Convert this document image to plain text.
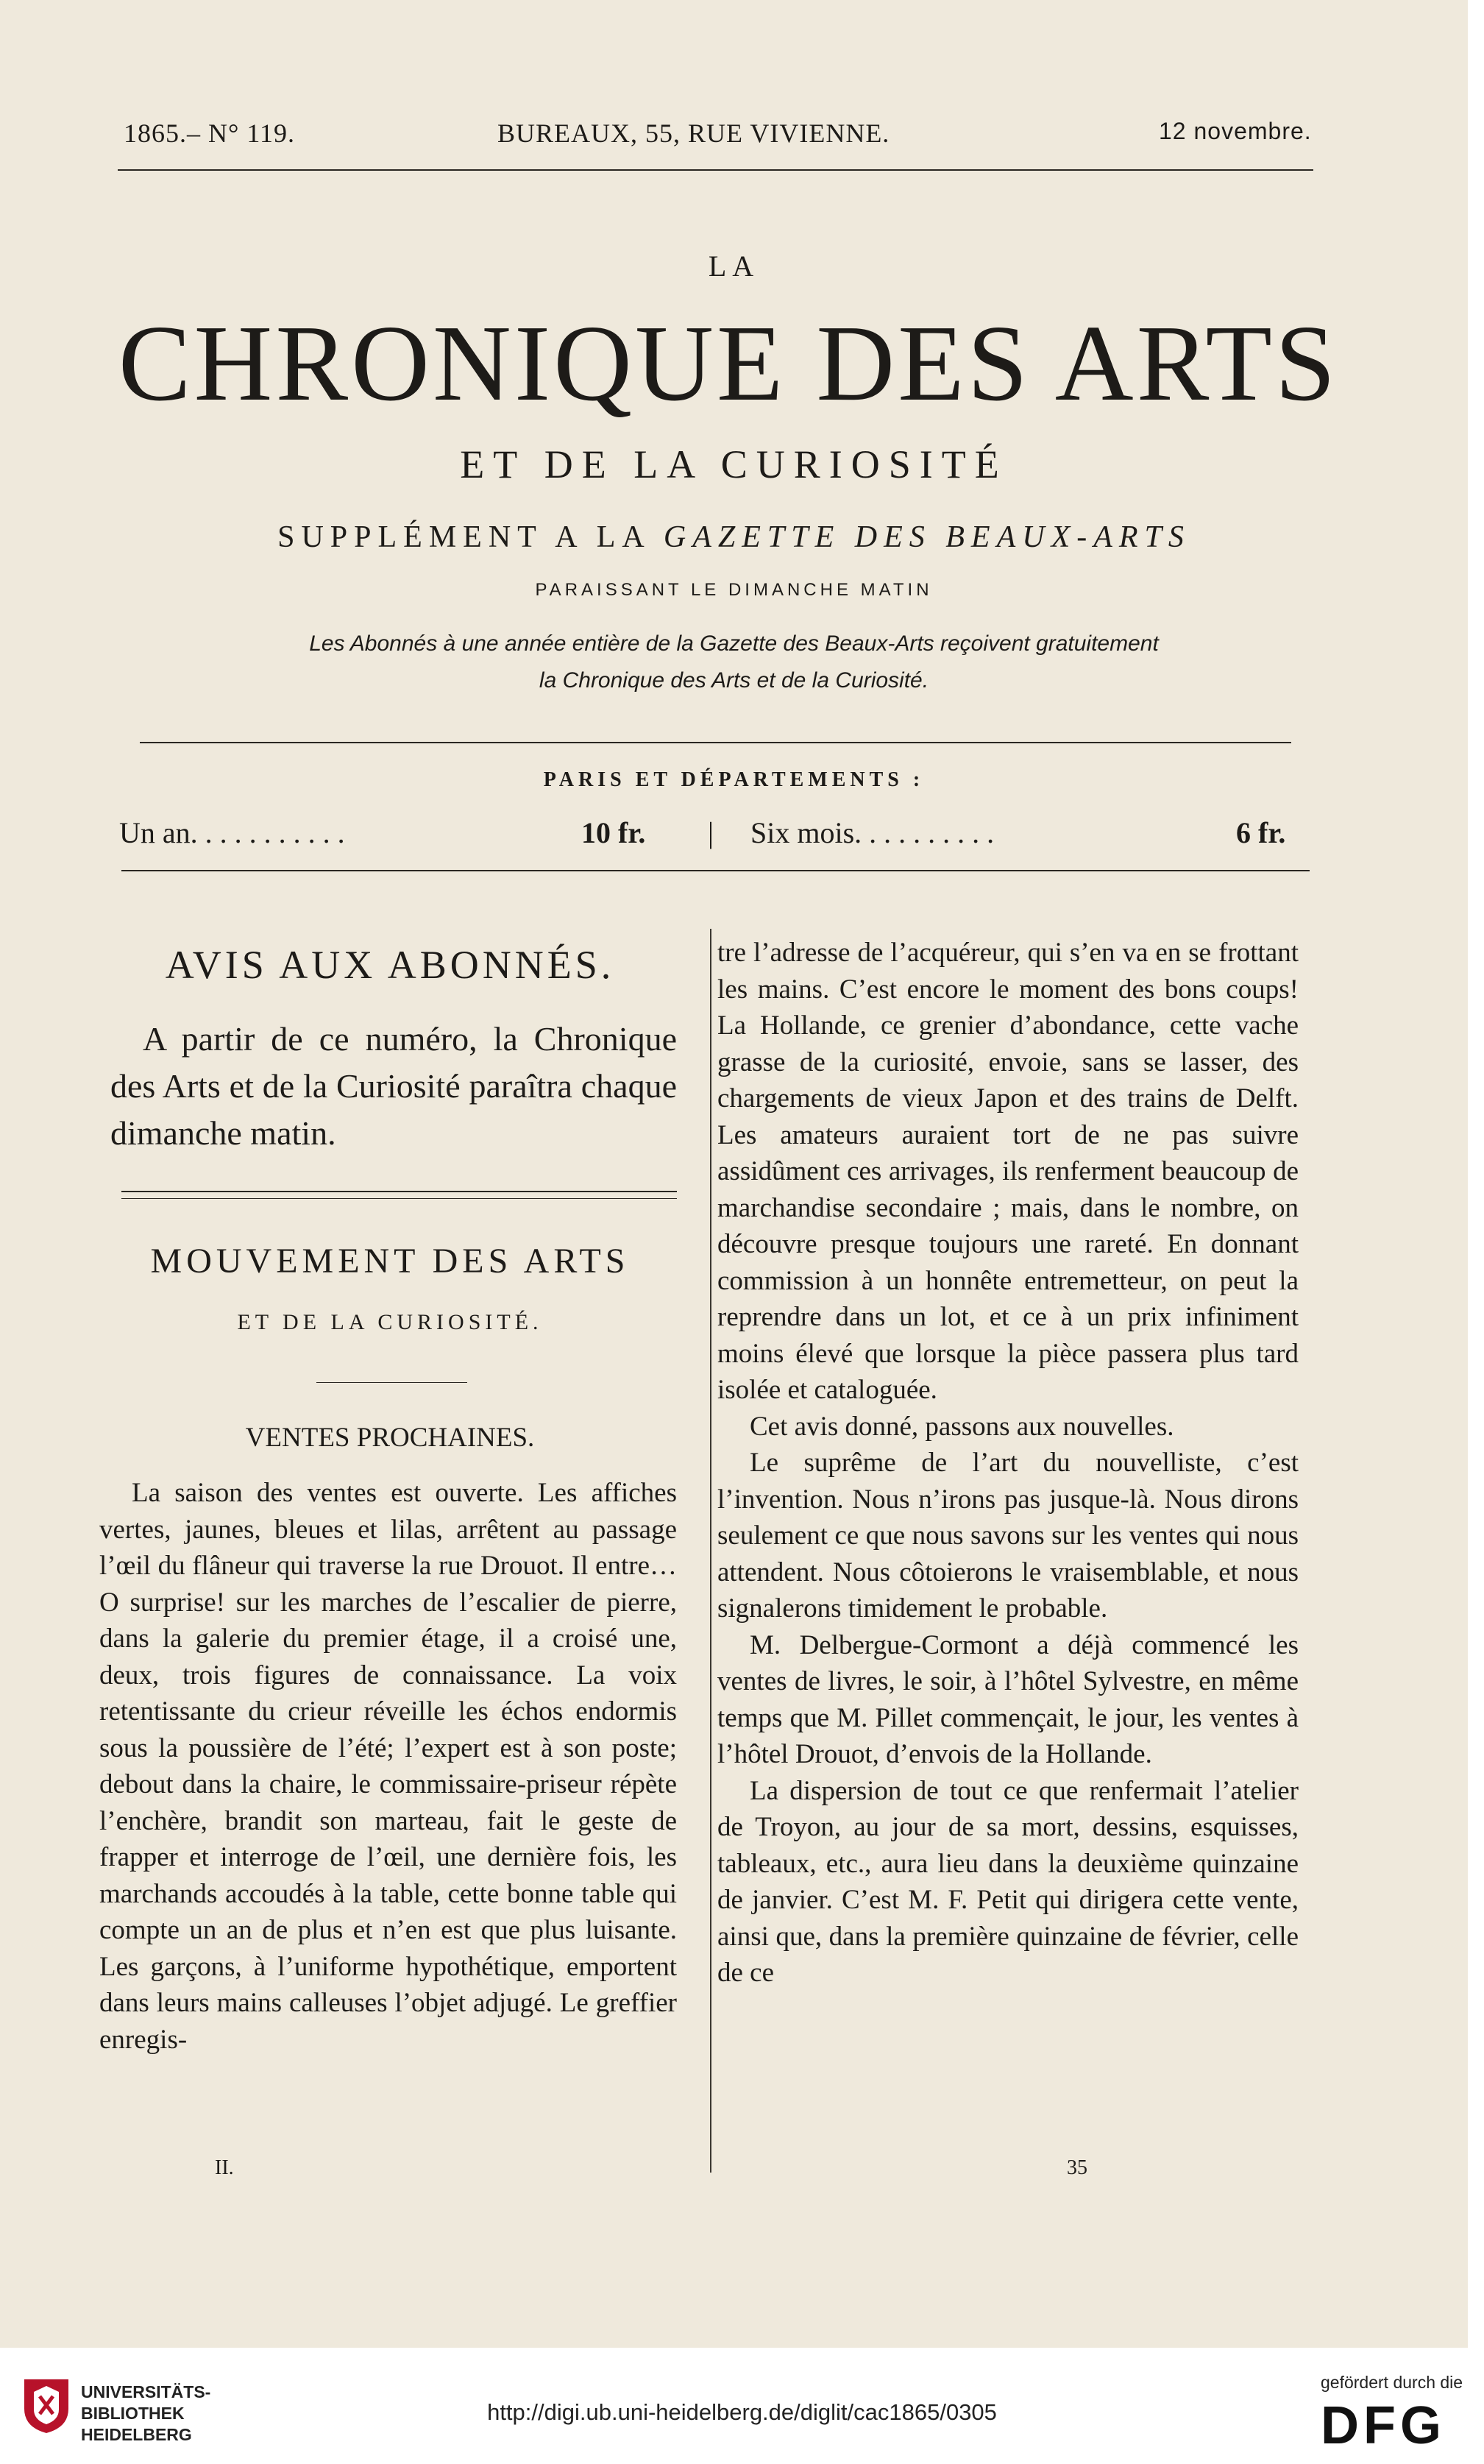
1865.– N° 119.	BUREAUX, 55, RUE VIVIENNE.	12 novembre.
LA
CHRONIQUE DES ARTS
ET DE LA CURIOSITÉ
SUPPLÉMENT A LA GAZETTE DES BEAUX-ARTS
PARAISSANT LE DIMANCHE MATIN
Les Abonnés à une année entière de la Gazette des Beaux-Arts reçoivent gratuitement
la Chronique des Arts et de la Curiosité.
PARIS ET DÉPARTEMENTS :
Un an. . . . . . . . . . .	10 fr. | Six mois. . . . . . . . . .	6 fr.
AVIS AUX ABONNÉS.
A partir de ce numéro, la Chronique des Arts et de la Curiosité paraîtra chaque dimanche matin.
MOUVEMENT DES ARTS
ET DE LA CURIOSITÉ.
VENTES PROCHAINES.

La saison des ventes est ouverte. Les affiches vertes, jaunes, bleues et lilas, arrêtent au passage l’œil du flâneur qui traverse la rue Drouot. Il entre… O surprise! sur les marches de l’escalier de pierre, dans la galerie du premier étage, il a croisé une, deux, trois figures de connaissance. La voix retentissante du crieur réveille les échos endormis sous la poussière de l’été; l’expert est à son poste; debout dans la chaire, le commissaire-priseur répète l’enchère, brandit son marteau, fait le geste de frapper et interroge de l’œil, une dernière fois, les marchands accoudés à la table, cette bonne table qui compte un an de plus et n’en est que plus luisante. Les garçons, à l’uniforme hypothétique, emportent dans leurs mains calleuses l’objet adjugé. Le greffier enregis-

tre l’adresse de l’acquéreur, qui s’en va en se frottant les mains. C’est encore le moment des bons coups! La Hollande, ce grenier d’abondance, cette vache grasse de la curiosité, envoie, sans se lasser, des chargements de vieux Japon et des trains de Delft. Les amateurs auraient tort de ne pas suivre assidûment ces arrivages, ils renferment beaucoup de marchandise secondaire ; mais, dans le nombre, on découvre presque toujours une rareté. En donnant commission à un honnête entremetteur, on peut la reprendre dans un lot, et ce à un prix infiniment moins élevé que lorsque la pièce passera plus tard isolée et cataloguée.

Cet avis donné, passons aux nouvelles.

Le suprême de l’art du nouvelliste, c’est l’invention. Nous n’irons pas jusque-là. Nous dirons seulement ce que nous savons sur les ventes qui nous attendent. Nous côtoierons le vraisemblable, et nous signalerons timidement le probable.

M. Delbergue-Cormont a déjà commencé les ventes de livres, le soir, à l’hôtel Sylvestre, en même temps que M. Pillet commençait, le jour, les ventes à l’hôtel Drouot, d’envois de la Hollande.

La dispersion de tout ce que renfermait l’atelier de Troyon, au jour de sa mort, dessins, esquisses, tableaux, etc., aura lieu dans la deuxième quinzaine de janvier. C’est M. F. Petit qui dirigera cette vente, ainsi que, dans la première quinzaine de février, celle de ce

II.	35
UNIVERSITÄTS-
BIBLIOTHEK
HEIDELBERG
http://digi.ub.uni-heidelberg.de/diglit/cac1865/0305
gefördert durch die
DFG
